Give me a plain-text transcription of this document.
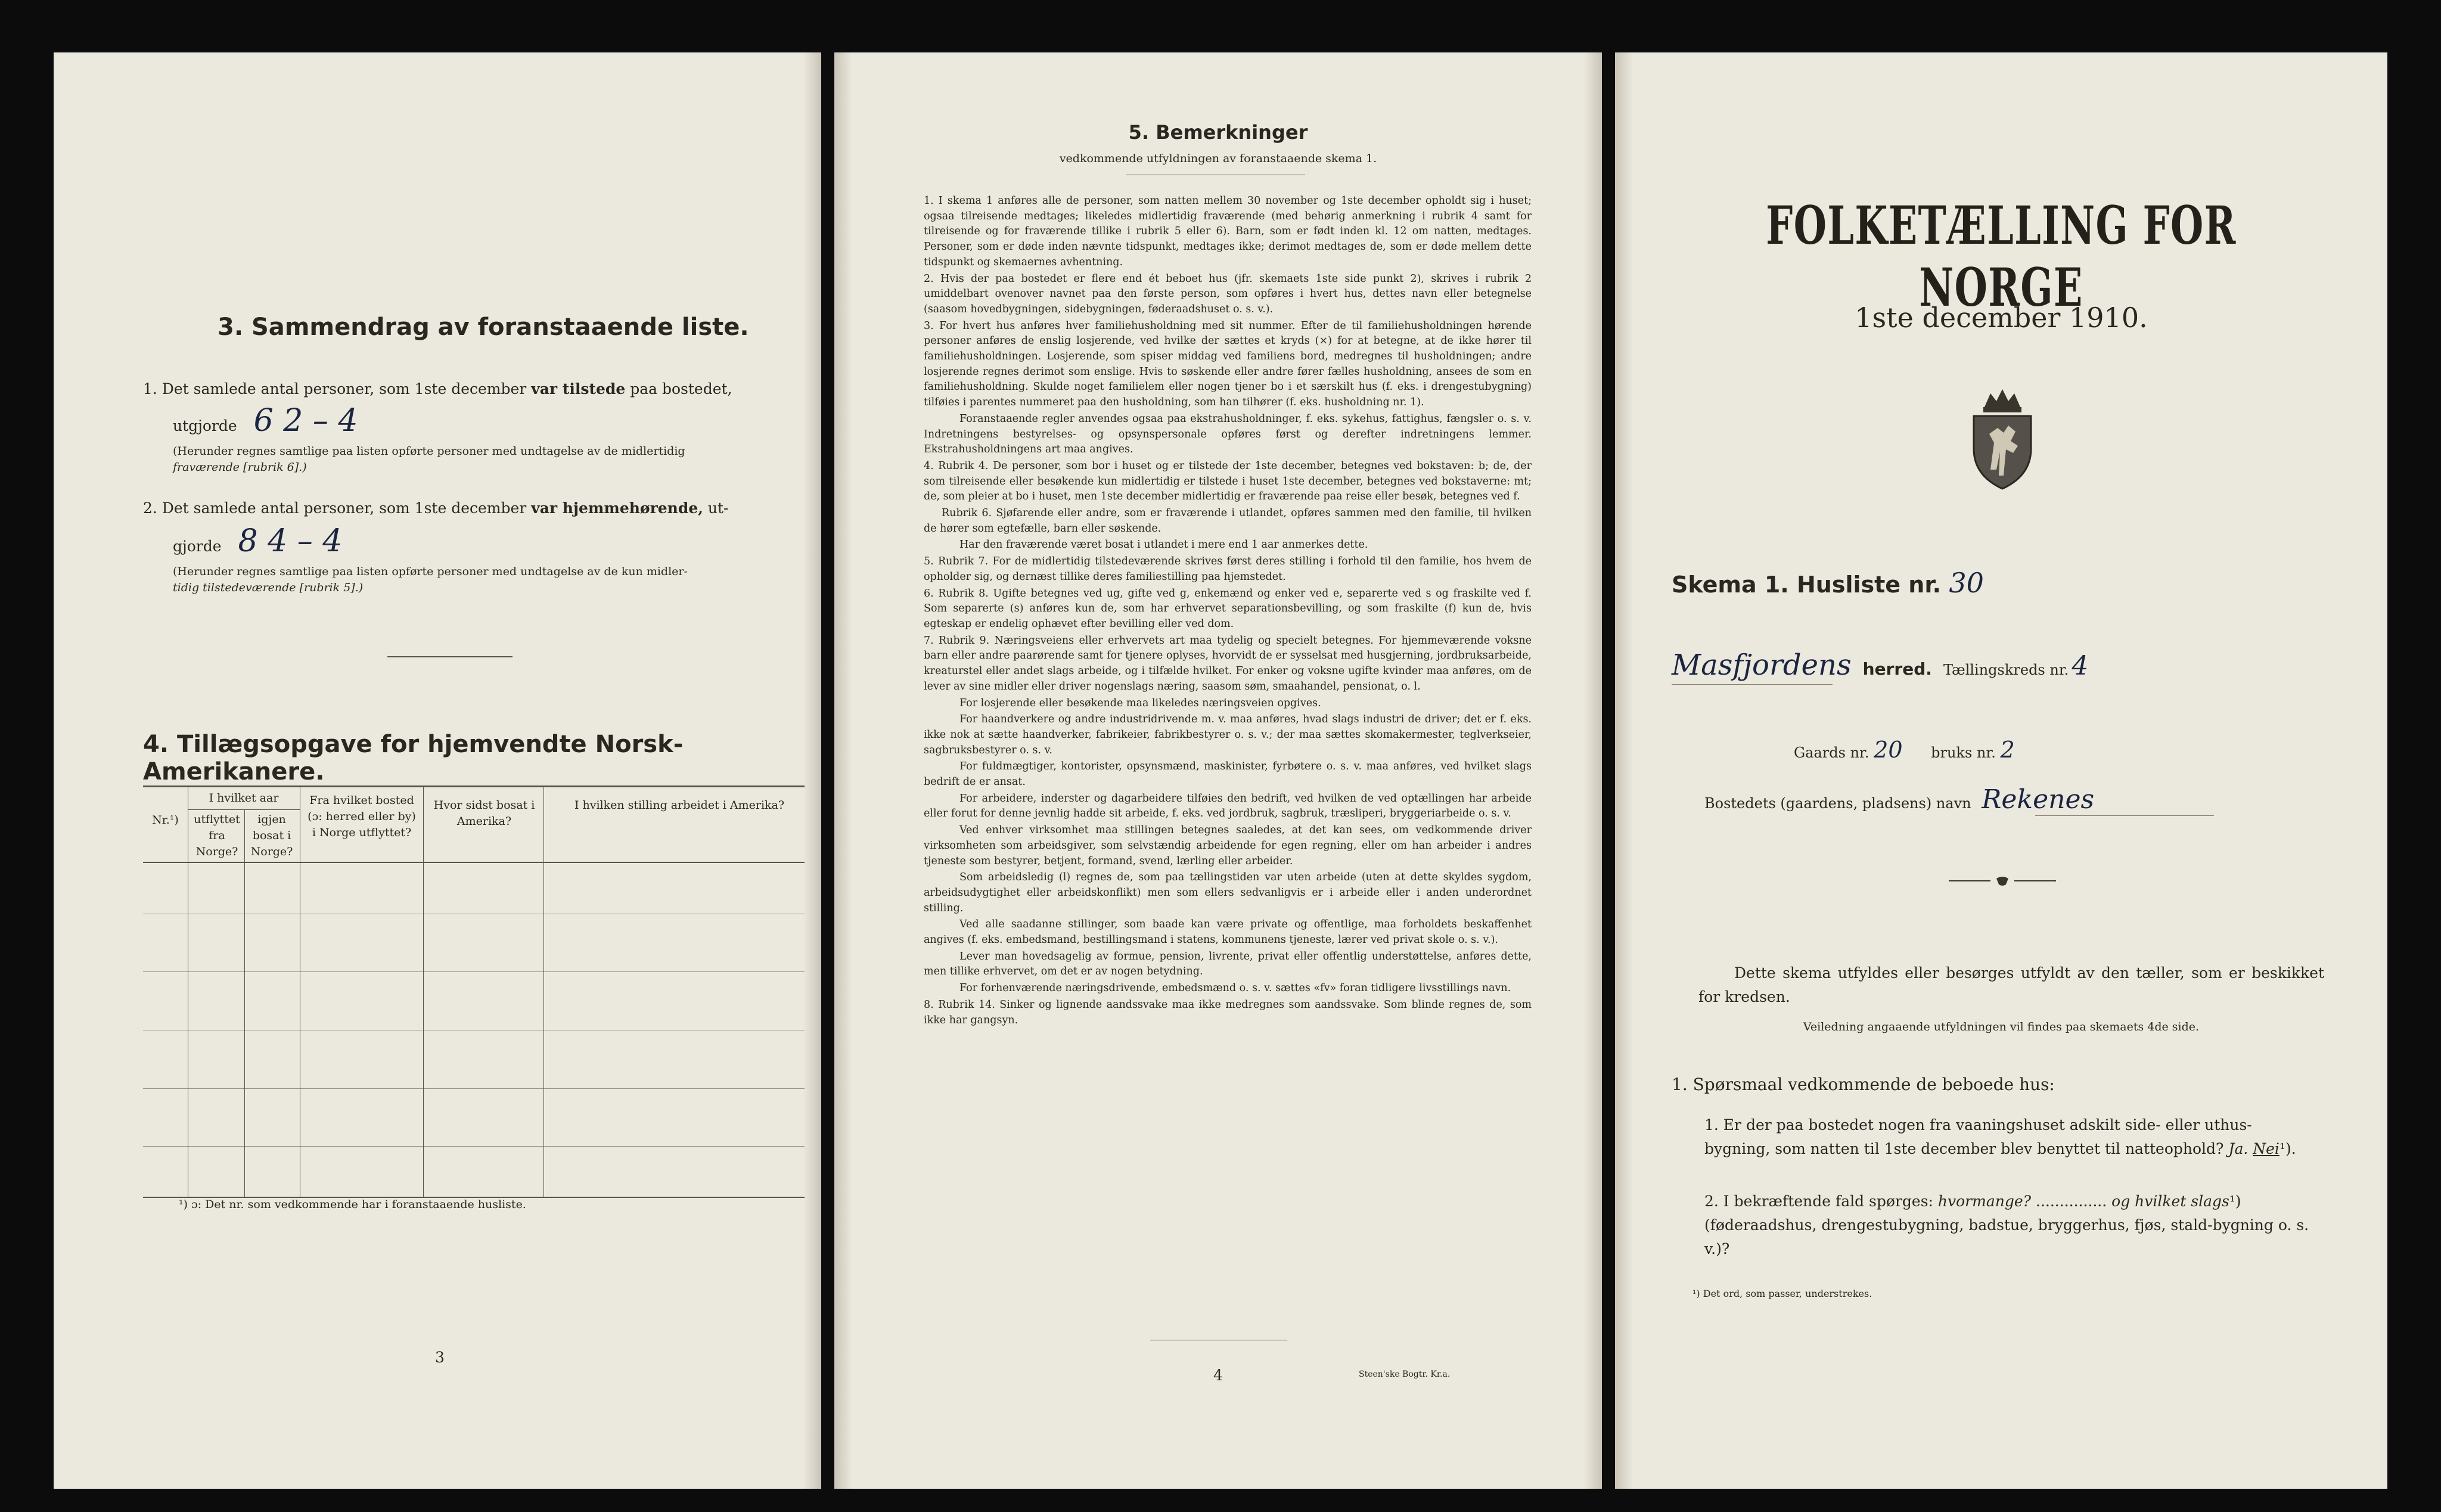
3. Sammendrag av foranstaaende liste.
1. Det samlede antal personer, som 1ste december var tilstede paa bostedet,
utgjorde 6 2 – 4
(Herunder regnes samtlige paa listen opførte personer med undtagelse av de midlertidig
fraværende [rubrik 6].)
2. Det samlede antal personer, som 1ste december var hjemmehørende, ut-
gjorde 8 4 – 4
(Herunder regnes samtlige paa listen opførte personer med undtagelse av de kun midler-
tidig tilstedeværende [rubrik 5].)
4. Tillægsopgave for hjemvendte Norsk-Amerikanere.
Nr.¹)
I hvilket aar
utflyttet fra Norge?
igjen bosat i Norge?
Fra hvilket bosted (ɔ: herred eller by) i Norge utflyttet?
Hvor sidst bosat i Amerika?
I hvilken stilling arbeidet i Amerika?
¹) ɔ: Det nr. som vedkommende har i foranstaaende husliste.
3
5. Bemerkninger
vedkommende utfyldningen av foranstaaende skema 1.

1. I skema 1 anføres alle de personer, som natten mellem 30 november og 1ste december opholdt sig i huset; ogsaa tilreisende medtages; likeledes midlertidig fraværende (med behørig anmerkning i rubrik 4 samt for tilreisende og for fraværende tillike i rubrik 5 eller 6). Barn, som er født inden kl. 12 om natten, medtages. Personer, som er døde inden nævnte tidspunkt, medtages ikke; derimot medtages de, som er døde mellem dette tidspunkt og skemaernes avhentning.

2. Hvis der paa bostedet er flere end ét beboet hus (jfr. skemaets 1ste side punkt 2), skrives i rubrik 2 umiddelbart ovenover navnet paa den første person, som opføres i hvert hus, dettes navn eller betegnelse (saasom hovedbygningen, sidebygningen, føderaadshuset o. s. v.).

3. For hvert hus anføres hver familiehusholdning med sit nummer. Efter de til familiehusholdningen hørende personer anføres de enslig losjerende, ved hvilke der sættes et kryds (×) for at betegne, at de ikke hører til familiehusholdningen. Losjerende, som spiser middag ved familiens bord, medregnes til husholdningen; andre losjerende regnes derimot som enslige. Hvis to søskende eller andre fører fælles husholdning, ansees de som en familiehusholdning. Skulde noget familielem eller nogen tjener bo i et særskilt hus (f. eks. i drengestubygning) tilføies i parentes nummeret paa den husholdning, som han tilhører (f. eks. husholdning nr. 1).

Foranstaaende regler anvendes ogsaa paa ekstrahusholdninger, f. eks. sykehus, fattighus, fængsler o. s. v. Indretningens bestyrelses- og opsynspersonale opføres først og derefter indretningens lemmer. Ekstrahusholdningens art maa angives.

4. Rubrik 4. De personer, som bor i huset og er tilstede der 1ste december, betegnes ved bokstaven: b; de, der som tilreisende eller besøkende kun midlertidig er tilstede i huset 1ste december, betegnes ved bokstaverne: mt; de, som pleier at bo i huset, men 1ste december midlertidig er fraværende paa reise eller besøk, betegnes ved f.

Rubrik 6. Sjøfarende eller andre, som er fraværende i utlandet, opføres sammen med den familie, til hvilken de hører som egtefælle, barn eller søskende.

Har den fraværende været bosat i utlandet i mere end 1 aar anmerkes dette.

5. Rubrik 7. For de midlertidig tilstedeværende skrives først deres stilling i forhold til den familie, hos hvem de opholder sig, og dernæst tillike deres familiestilling paa hjemstedet.

6. Rubrik 8. Ugifte betegnes ved ug, gifte ved g, enkemænd og enker ved e, separerte ved s og fraskilte ved f. Som separerte (s) anføres kun de, som har erhvervet separationsbevilling, og som fraskilte (f) kun de, hvis egteskap er endelig ophævet efter bevilling eller ved dom.

7. Rubrik 9. Næringsveiens eller erhvervets art maa tydelig og specielt betegnes. For hjemmeværende voksne barn eller andre paarørende samt for tjenere oplyses, hvorvidt de er sysselsat med husgjerning, jordbruksarbeide, kreaturstel eller andet slags arbeide, og i tilfælde hvilket. For enker og voksne ugifte kvinder maa anføres, om de lever av sine midler eller driver nogenslags næring, saasom søm, smaahandel, pensionat, o. l.

For losjerende eller besøkende maa likeledes næringsveien opgives.

For haandverkere og andre industridrivende m. v. maa anføres, hvad slags industri de driver; det er f. eks. ikke nok at sætte haandverker, fabrikeier, fabrikbestyrer o. s. v.; der maa sættes skomakermester, teglverkseier, sagbruksbestyrer o. s. v.

For fuldmægtiger, kontorister, opsynsmænd, maskinister, fyrbøtere o. s. v. maa anføres, ved hvilket slags bedrift de er ansat.

For arbeidere, inderster og dagarbeidere tilføies den bedrift, ved hvilken de ved optællingen har arbeide eller forut for denne jevnlig hadde sit arbeide, f. eks. ved jordbruk, sagbruk, træsliperi, bryggeriarbeide o. s. v.

Ved enhver virksomhet maa stillingen betegnes saaledes, at det kan sees, om vedkommende driver virksomheten som arbeidsgiver, som selvstændig arbeidende for egen regning, eller om han arbeider i andres tjeneste som bestyrer, betjent, formand, svend, lærling eller arbeider.

Som arbeidsledig (l) regnes de, som paa tællingstiden var uten arbeide (uten at dette skyldes sygdom, arbeidsudygtighet eller arbeidskonflikt) men som ellers sedvanligvis er i arbeide eller i anden underordnet stilling.

Ved alle saadanne stillinger, som baade kan være private og offentlige, maa forholdets beskaffenhet angives (f. eks. embedsmand, bestillingsmand i statens, kommunens tjeneste, lærer ved privat skole o. s. v.).

Lever man hovedsagelig av formue, pension, livrente, privat eller offentlig understøttelse, anføres dette, men tillike erhvervet, om det er av nogen betydning.

For forhenværende næringsdrivende, embedsmænd o. s. v. sættes «fv» foran tidligere livsstillings navn.

8. Rubrik 14. Sinker og lignende aandssvake maa ikke medregnes som aandssvake. Som blinde regnes de, som ikke har gangsyn.

4	Steen'ske Bogtr. Kr.a.
FOLKETÆLLING FOR NORGE
1ste december 1910.
Skema 1. Husliste nr. 30
Masfjordens herred. Tællingskreds nr. 4
Gaards nr. 20 bruks nr. 2
Bostedets (gaardens, pladsens) navn Rekenes
Dette skema utfyldes eller besørges utfyldt av den tæller, som er beskikket for kredsen.
Veiledning angaaende utfyldningen vil findes paa skemaets 4de side.
1. Spørsmaal vedkommende de beboede hus:
1. Er der paa bostedet nogen fra vaaningshuset adskilt side- eller uthus-bygning, som natten til 1ste december blev benyttet til natteophold? Ja. Nei¹).
2. I bekræftende fald spørges: hvormange? ............... og hvilket slags¹) (føderaadshus, drengestubygning, badstue, bryggerhus, fjøs, stald-bygning o. s. v.)?
¹) Det ord, som passer, understrekes.
